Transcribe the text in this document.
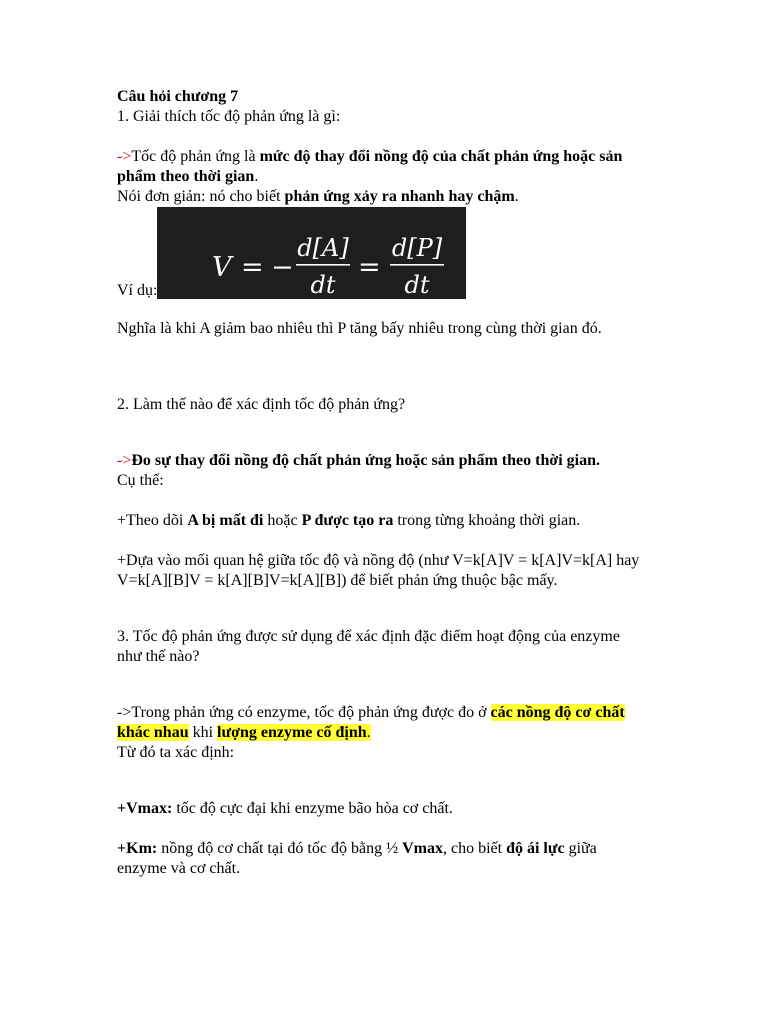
Câu hỏi chương 7

1. Giải thích tốc độ phản ứng là gì:

->Tốc độ phản ứng là mức độ thay đổi nồng độ của chất phản ứng hoặc sản phẩm theo thời gian.

Nói đơn giản: nó cho biết phản ứng xảy ra nhanh hay chậm.

Ví dụ:
V = −
d[A]
dt
=
d[P]
dt

Nghĩa là khi A giảm bao nhiêu thì P tăng bấy nhiêu trong cùng thời gian đó.

2. Làm thế nào để xác định tốc độ phản ứng?

->Đo sự thay đổi nồng độ chất phản ứng hoặc sản phẩm theo thời gian.

Cụ thể:

+Theo dõi A bị mất đi hoặc P được tạo ra trong từng khoảng thời gian.

+Dựa vào mối quan hệ giữa tốc độ và nồng độ (như V=k[A]V = k[A]V=k[A] hay V=k[A][B]V = k[A][B]V=k[A][B]) để biết phản ứng thuộc bậc mấy.

3. Tốc độ phản ứng được sử dụng để xác định đặc điểm hoạt động của enzyme như thế nào?

->Trong phản ứng có enzyme, tốc độ phản ứng được đo ở các nồng độ cơ chất khác nhau khi lượng enzyme cố định.

Từ đó ta xác định:

+Vmax: tốc độ cực đại khi enzyme bão hòa cơ chất.

+Km: nồng độ cơ chất tại đó tốc độ bằng ½ Vmax, cho biết độ ái lực giữa enzyme và cơ chất.
